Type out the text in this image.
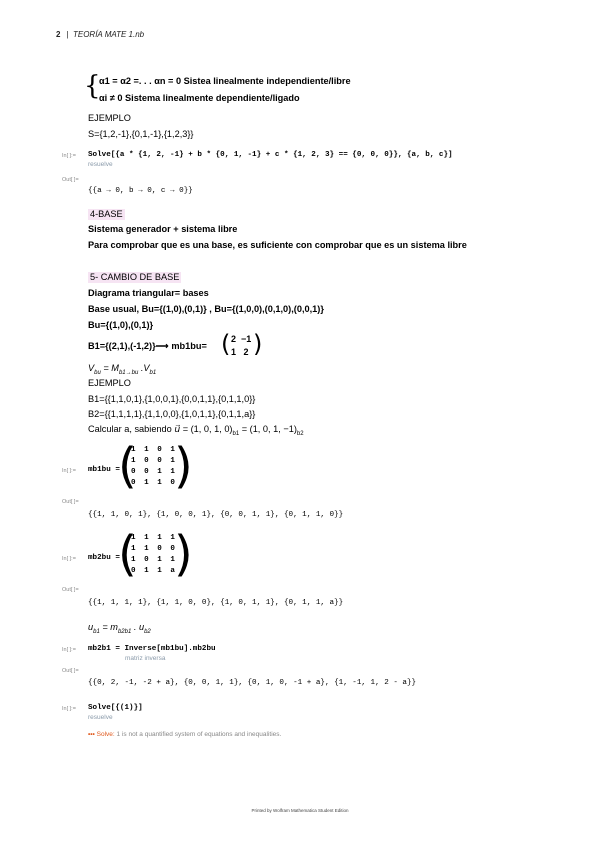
2 | TEORÍA MATE 1.nb
{
α1 = α2 =. . . αn = 0 Sistea linealmente independiente/libre
αi ≠ 0 Sistema linealmente dependiente/ligado
EJEMPLO
S={1,2,-1},{0,1,-1},{1,2,3}}
In[ ]:= Solve[{a * {1, 2, -1} + b * {0, 1, -1} + c * {1, 2, 3} == {0, 0, 0}}, {a, b, c}]
resuelve
Out[ ]=
{{a → 0, b → 0, c → 0}}
4-BASE
Sistema generador + sistema libre
Para comprobar que es una base, es suficiente con comprobar que es un sistema libre
5- CAMBIO DE BASE
Diagrama triangular= bases
Base usual, Bu={(1,0),(0,1)} , Bu={(1,0,0),(0,1,0),(0,0,1)}
Bu={(1,0),(0,1)}
B1={(2,1),(-1,2)}⟶ mb1bu= ( 2  −1
1   2 )
$V_{bu} = M_{b1\to bu}$ $.V_{b1}$
EJEMPLO
B1={{1,1,0,1},{1,0,0,1},{0,0,1,1},{0,1,1,0}}
B2={{1,1,1,1},{1,1,0,0},{1,0,1,1},{0,1,1,a}}
Calcular a, sabiendo u⃗ = (1, 0, 1, $0)_{b1} = (1$, 0, 1, $-1)_{b2}$
In[ ]:= mb1bu =
(
1 1 0 1
1 0 0 1
0 0 1 1
0 1 1 0
)
Out[ ]=
{{1, 1, 0, 1}, {1, 0, 0, 1}, {0, 0, 1, 1}, {0, 1, 1, 0}}
In[ ]:= mb2bu =
(
1 1 1 1
1 1 0 0
1 0 1 1
0 1 1 a
)
Out[ ]=
{{1, 1, 1, 1}, {1, 1, 0, 0}, {1, 0, 1, 1}, {0, 1, 1, a}}
$u_{b1} = m_{b2b1}$ . $u_{b2}$
In[ ]:= mb2b1 = Inverse[mb1bu].mb2bu
matriz inversa
Out[ ]=
{{0, 2, -1, -2 + a}, {0, 0, 1, 1}, {0, 1, 0, -1 + a}, {1, -1, 1, 2 - a}}
In[ ]:= Solve[{(1)}]
resuelve
••• Solve: 1 is not a quantified system of equations and inequalities.
Printed by Wolfram Mathematica Student Edition
